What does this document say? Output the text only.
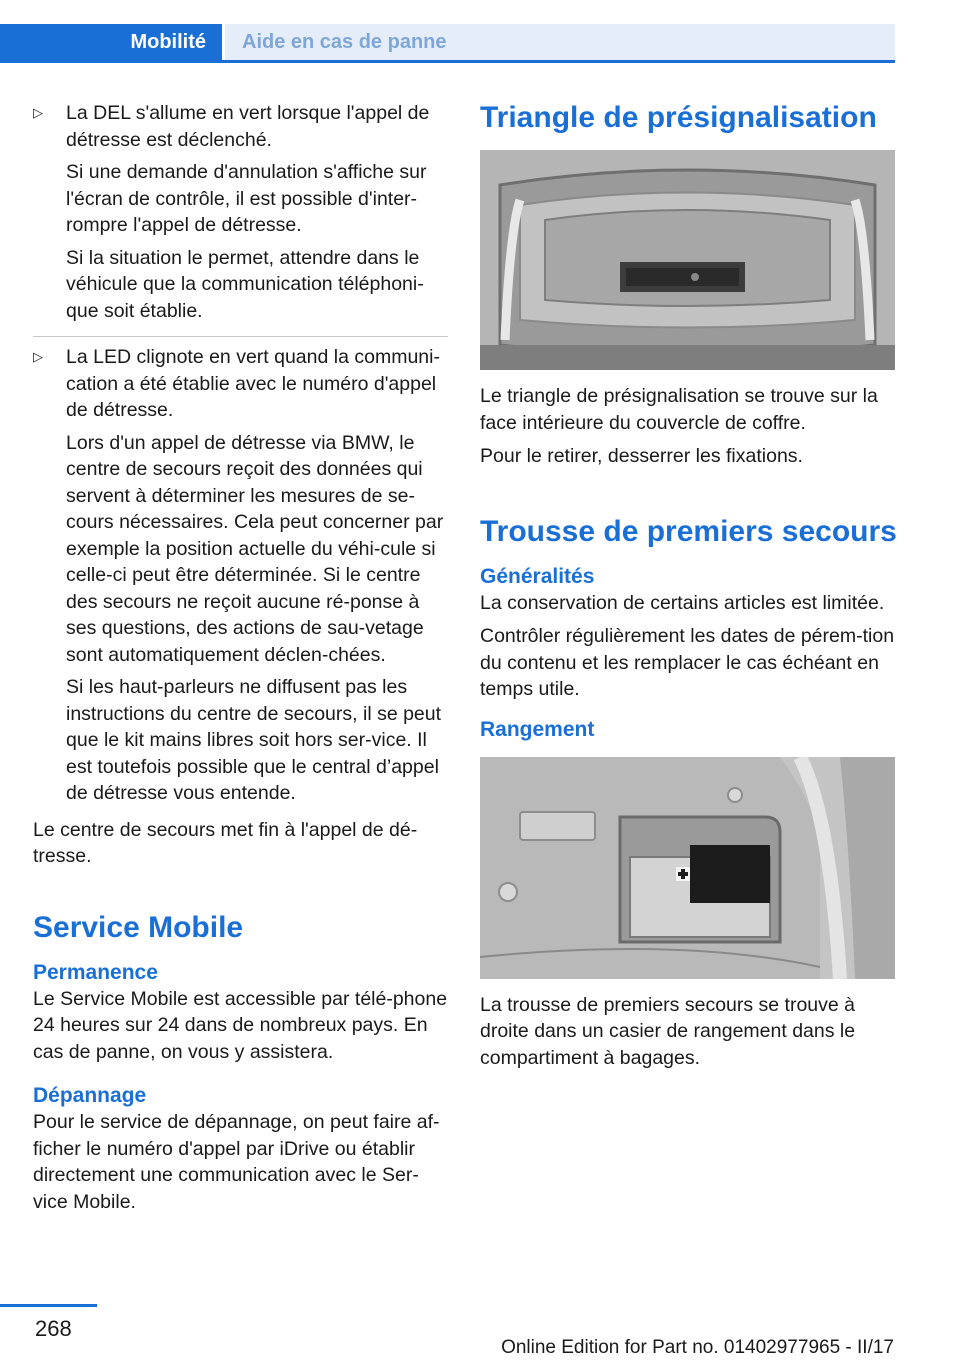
Mobilité	Aide en cas de panne
▷ La DEL s'allume en vert lorsque l'appel de détresse est déclenché.

Si une demande d'annulation s'affiche sur l'écran de contrôle, il est possible d'inter-rompre l'appel de détresse.

Si la situation le permet, attendre dans le véhicule que la communication téléphoni-que soit établie.

▷ La LED clignote en vert quand la communi-cation a été établie avec le numéro d'appel de détresse.

Lors d'un appel de détresse via BMW, le centre de secours reçoit des données qui servent à déterminer les mesures de se-cours nécessaires. Cela peut concerner par exemple la position actuelle du véhi-cule si celle-ci peut être déterminée. Si le centre des secours ne reçoit aucune ré-ponse à ses questions, des actions de sau-vetage sont automatiquement déclen-chées.

Si les haut-parleurs ne diffusent pas les instructions du centre de secours, il se peut que le kit mains libres soit hors ser-vice. Il est toutefois possible que le central d’appel de détresse vous entende.

Le centre de secours met fin à l'appel de dé-tresse.

Service Mobile
Permanence

Le Service Mobile est accessible par télé-phone 24 heures sur 24 dans de nombreux pays. En cas de panne, on vous y assistera.

Dépannage

Pour le service de dépannage, on peut faire af-ficher le numéro d'appel par iDrive ou établir directement une communication avec le Ser-vice Mobile.

Triangle de présignalisation

Le triangle de présignalisation se trouve sur la face intérieure du couvercle de coffre.

Pour le retirer, desserrer les fixations.

Trousse de premiers secours
Généralités

La conservation de certains articles est limitée.

Contrôler régulièrement les dates de pérem-tion du contenu et les remplacer le cas échéant en temps utile.

Rangement

La trousse de premiers secours se trouve à droite dans un casier de rangement dans le compartiment à bagages.

268
Online Edition for Part no. 01402977965 - II/17
